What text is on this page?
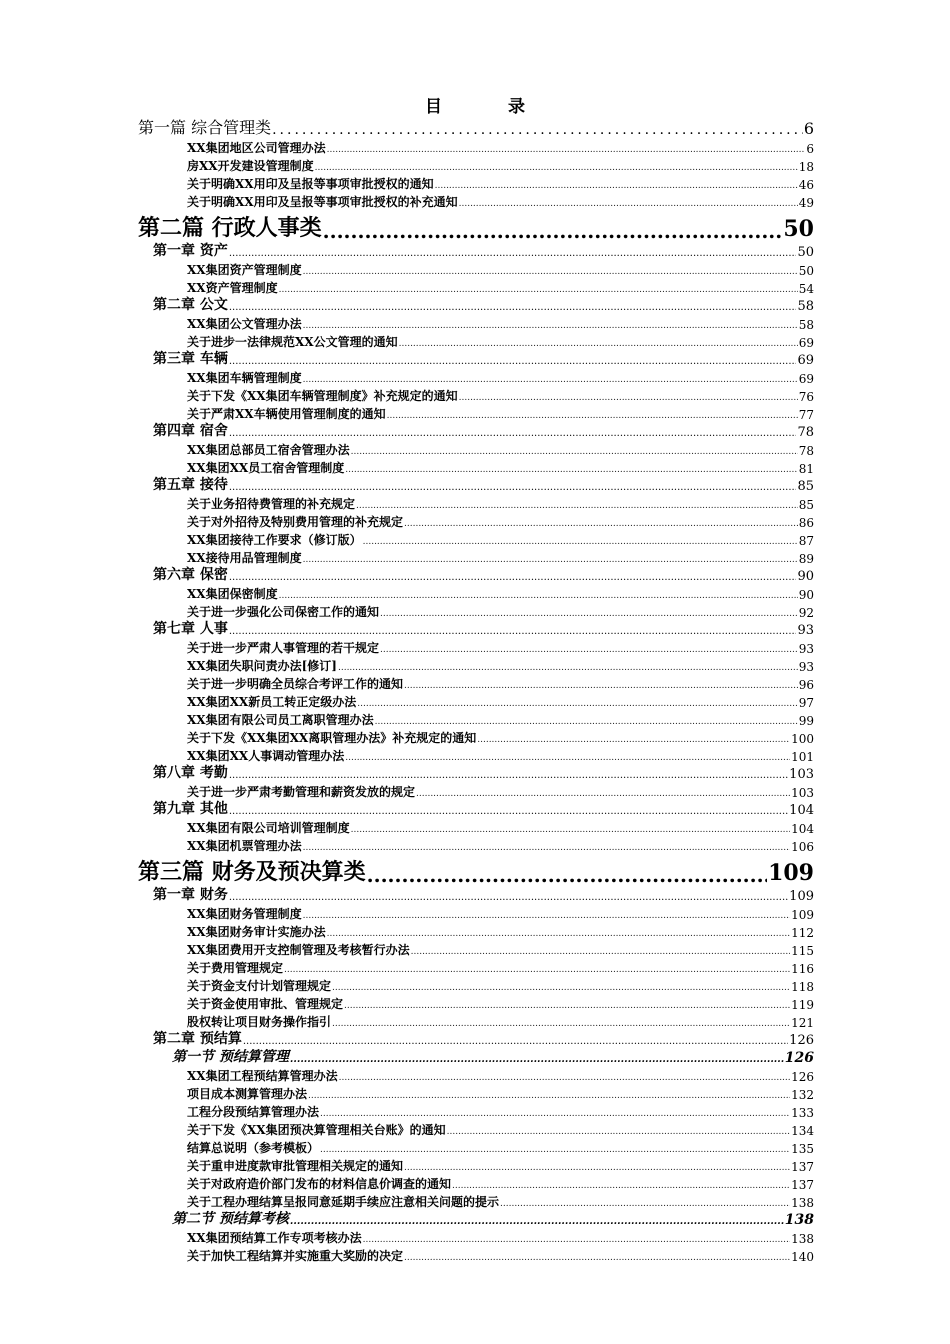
目 录
第一篇 综合管理类 .....	6
XX集团地区公司管理办法 .....	6
房XX开发建设管理制度 .....	18
关于明确XX用印及呈报等事项审批授权的通知 .....	46
关于明确XX用印及呈报等事项审批授权的补充通知 .....	49
第二篇 行政人事类 .....	50
第一章 资产 .....	50
XX集团资产管理制度 .....	50
XX资产管理制度 .....	54
第二章 公文 .....	58
XX集团公文管理办法 .....	58
关于进步一法律规范XX公文管理的通知 .....	69
第三章 车辆 .....	69
XX集团车辆管理制度 .....	69
关于下发《XX集团车辆管理制度》补充规定的通知 .....	76
关于严肃XX车辆使用管理制度的通知 .....	77
第四章 宿舍 .....	78
XX集团总部员工宿舍管理办法 .....	78
XX集团XX员工宿舍管理制度 .....	81
第五章 接待 .....	85
关于业务招待费管理的补充规定 .....	85
关于对外招待及特别费用管理的补充规定 .....	86
XX集团接待工作要求（修订版） .....	87
XX接待用品管理制度 .....	89
第六章 保密 .....	90
XX集团保密制度 .....	90
关于进一步强化公司保密工作的通知 .....	92
第七章 人事 .....	93
关于进一步严肃人事管理的若干规定 .....	93
XX集团失职问责办法[修订] .....	93
关于进一步明确全员综合考评工作的通知 .....	96
XX集团XX新员工转正定级办法 .....	97
XX集团有限公司员工离职管理办法 .....	99
关于下发《XX集团XX离职管理办法》补充规定的通知 .....	100
XX集团XX人事调动管理办法 .....	101
第八章 考勤 .....	103
关于进一步严肃考勤管理和薪资发放的规定 .....	103
第九章 其他 .....	104
XX集团有限公司培训管理制度 .....	104
XX集团机票管理办法 .....	106
第三篇 财务及预决算类 .....	109
第一章 财务 .....	109
XX集团财务管理制度 .....	109
XX集团财务审计实施办法 .....	112
XX集团费用开支控制管理及考核暂行办法 .....	115
关于费用管理规定 .....	116
关于资金支付计划管理规定 .....	118
关于资金使用审批、管理规定 .....	119
股权转让项目财务操作指引 .....	121
第二章 预结算 .....	126
第一节 预结算管理 .....	126
XX集团工程预结算管理办法 .....	126
项目成本测算管理办法 .....	132
工程分段预结算管理办法 .....	133
关于下发《XX集团预决算管理相关台账》的通知 .....	134
结算总说明（参考模板） .....	135
关于重申进度款审批管理相关规定的通知 .....	137
关于对政府造价部门发布的材料信息价调查的通知 .....	137
关于工程办理结算呈报同意延期手续应注意相关问题的提示 .....	138
第二节 预结算考核 .....	138
XX集团预结算工作专项考核办法 .....	138
关于加快工程结算并实施重大奖励的决定 .....	140
